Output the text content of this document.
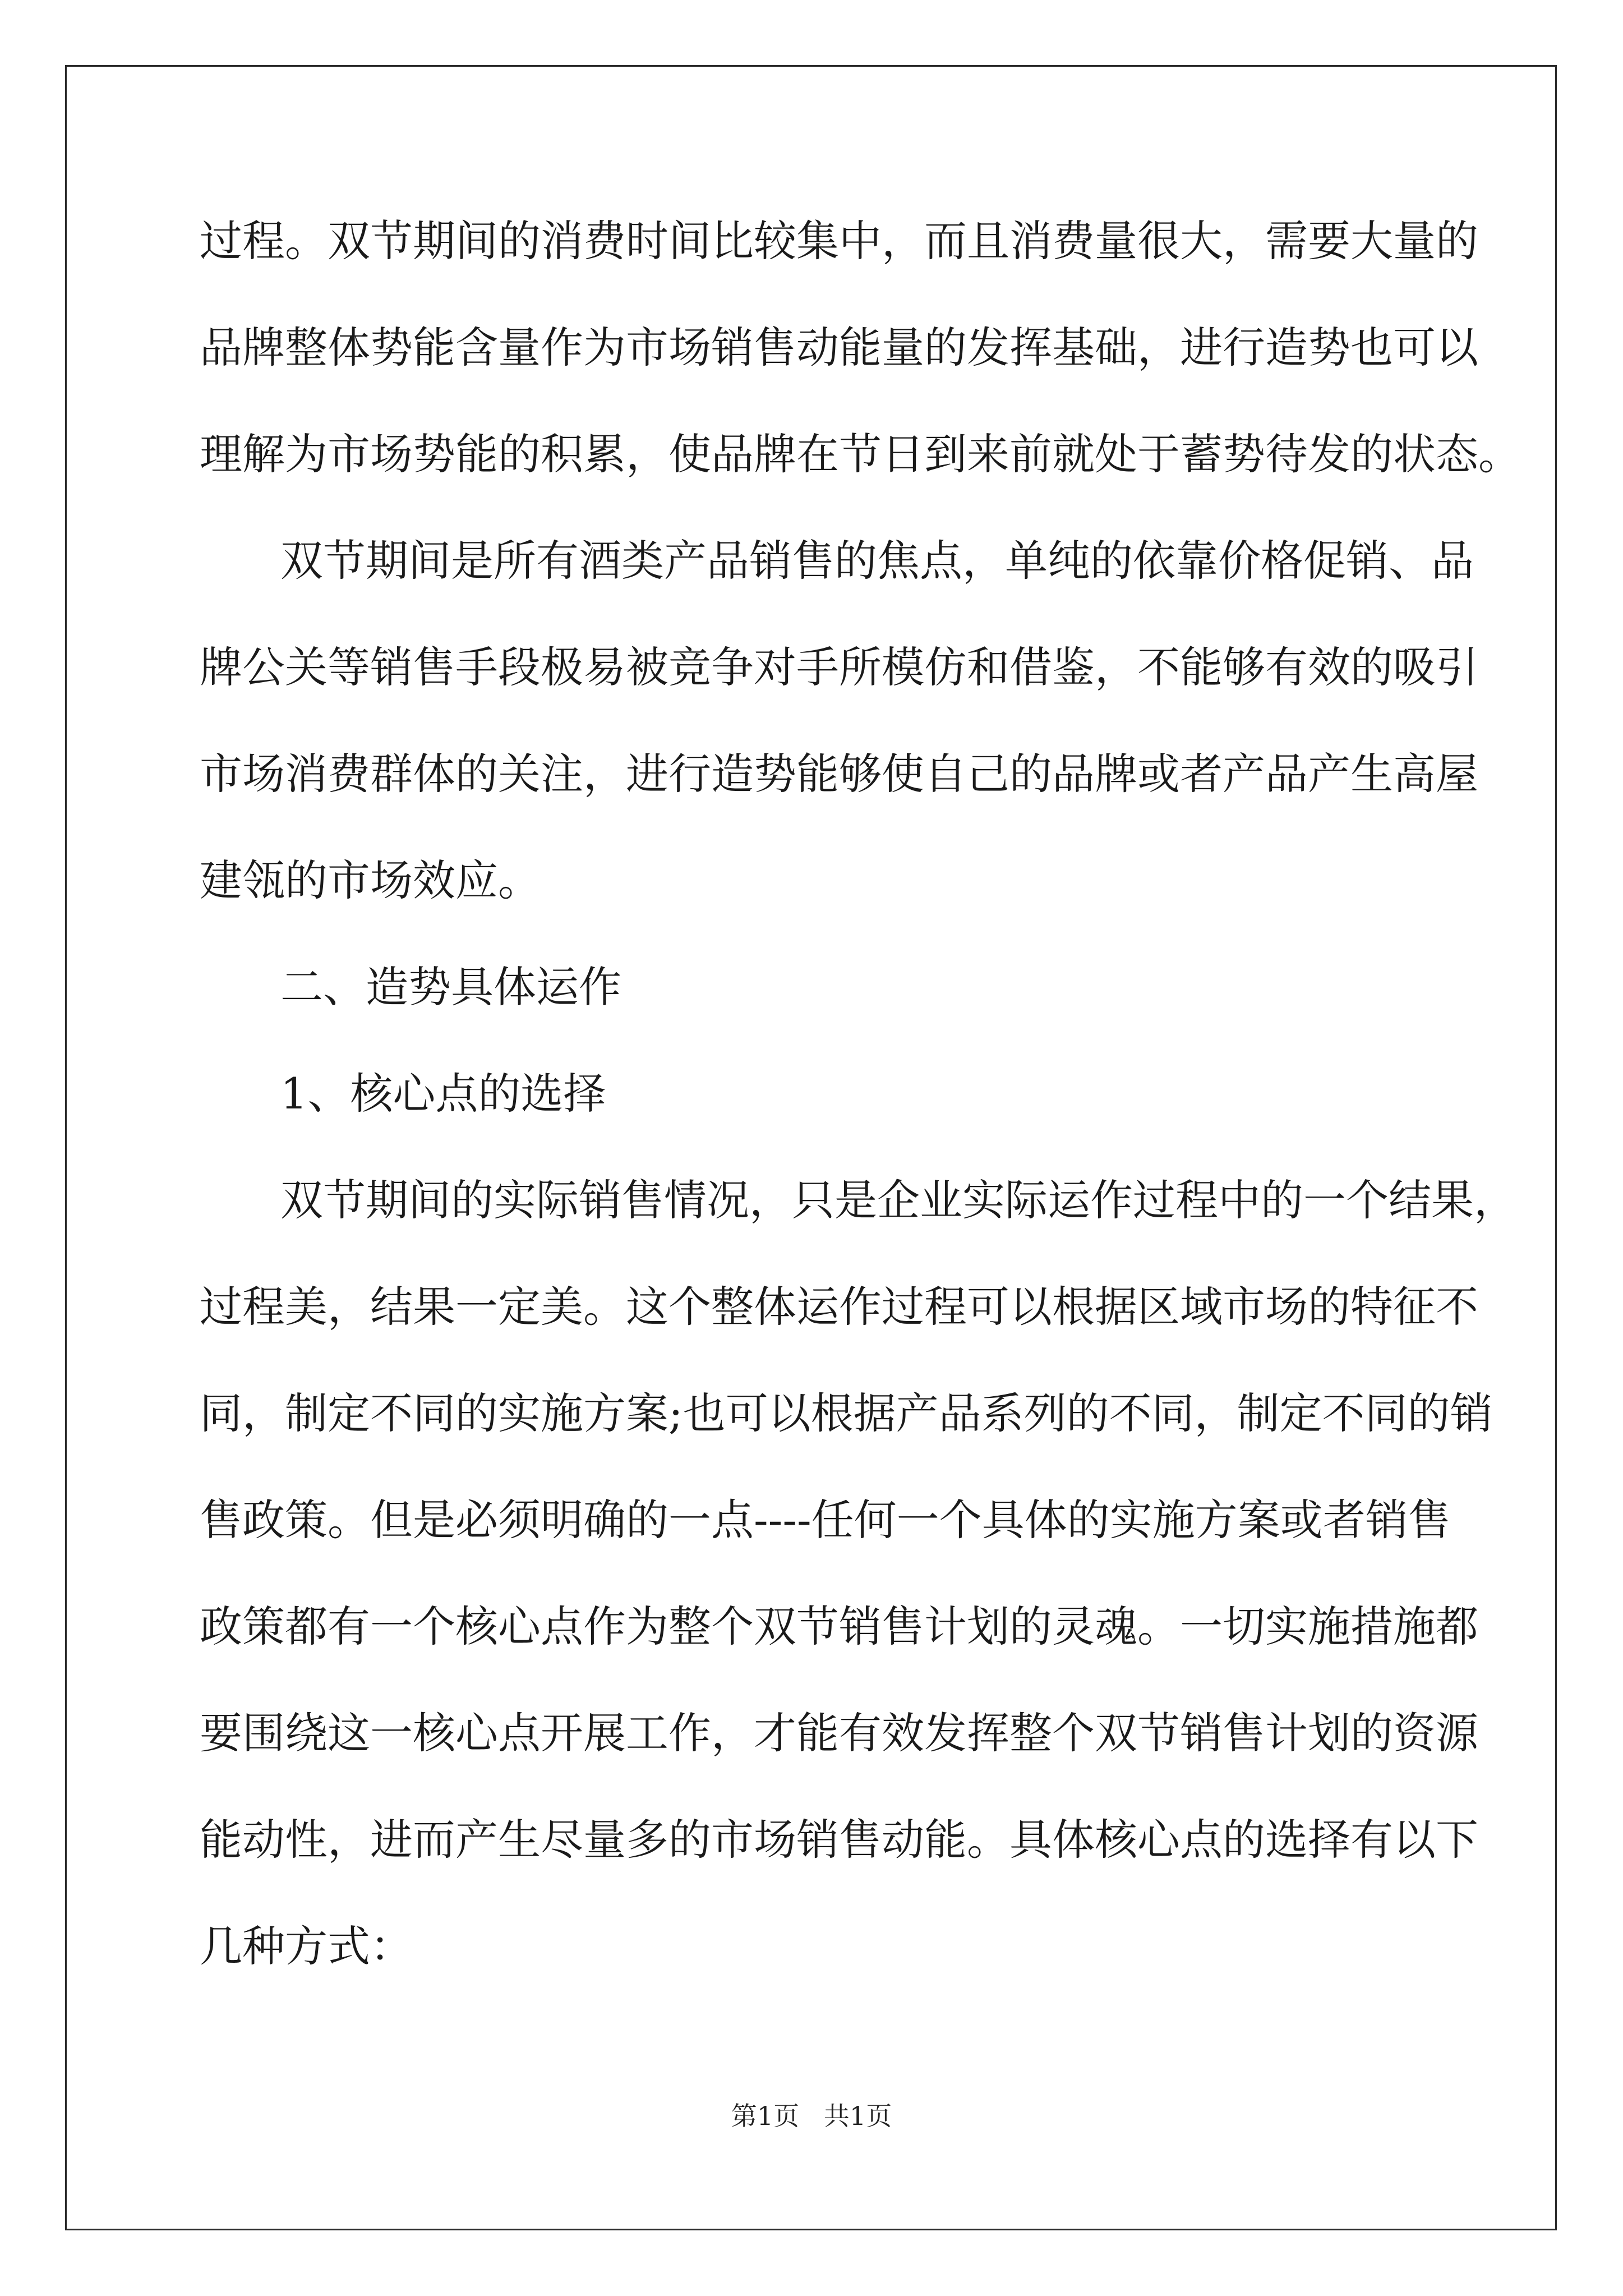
过程。双节期间的消费时间比较集中，而且消费量很大，需要大量的
品牌整体势能含量作为市场销售动能量的发挥基础，进行造势也可以
理解为市场势能的积累，使品牌在节日到来前就处于蓄势待发的状态。
双节期间是所有酒类产品销售的焦点，单纯的依靠价格促销、品
牌公关等销售手段极易被竞争对手所模仿和借鉴，不能够有效的吸引
市场消费群体的关注，进行造势能够使自己的品牌或者产品产生高屋
建瓴的市场效应。
二、造势具体运作
1、核心点的选择
双节期间的实际销售情况，只是企业实际运作过程中的一个结果，
过程美，结果一定美。这个整体运作过程可以根据区域市场的特征不
同，制定不同的实施方案;也可以根据产品系列的不同，制定不同的销
售政策。但是必须明确的一点----任何一个具体的实施方案或者销售
政策都有一个核心点作为整个双节销售计划的灵魂。一切实施措施都
要围绕这一核心点开展工作，才能有效发挥整个双节销售计划的资源
能动性，进而产生尽量多的市场销售动能。具体核心点的选择有以下
几种方式：
第1页   共1页
